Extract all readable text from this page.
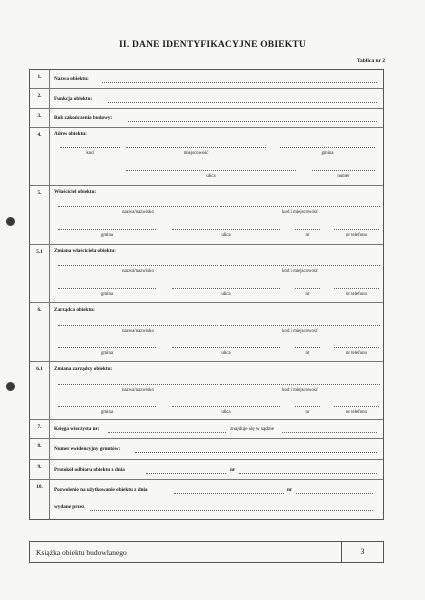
II. DANE IDENTYFIKACYJNE OBIEKTU
Tablica nr 2
1.	Nazwa obiektu:
2.	Funkcja obiektu:
3.	Rok zakończenia budowy:
4.	Adres obiektu:
kod	miejscowość	gmina
ulica	numer
5.	Właściciel obiektu:
nazwa/nazwisko	kod i miejscowość
gmina	ulica	nr	nr telefonu
5.1	Zmiana właściciela obiektu:
nazwa/nazwisko	kod i miejscowość
gmina	ulica	nr	nr telefonu
6.	Zarządca obiektu:
nazwa/nazwisko	kod i miejscowość
gmina	ulica	nr	nr telefonu
6.1	Zmiana zarządcy obiektu:
nazwa/nazwisko	kod i miejscowość
gmina	ulica	nr	nr telefonu
7.	Księga wieczysta nr:	znajduje się w sądzie
8.	Numer ewidencyjny gruntów:
9.	Protokół odbioru obiektu z dnia	nr
10.	Pozwolenie na użytkowanie obiektu z dnia	nr
wydane przez
Książka obiektu budowlanego	3
